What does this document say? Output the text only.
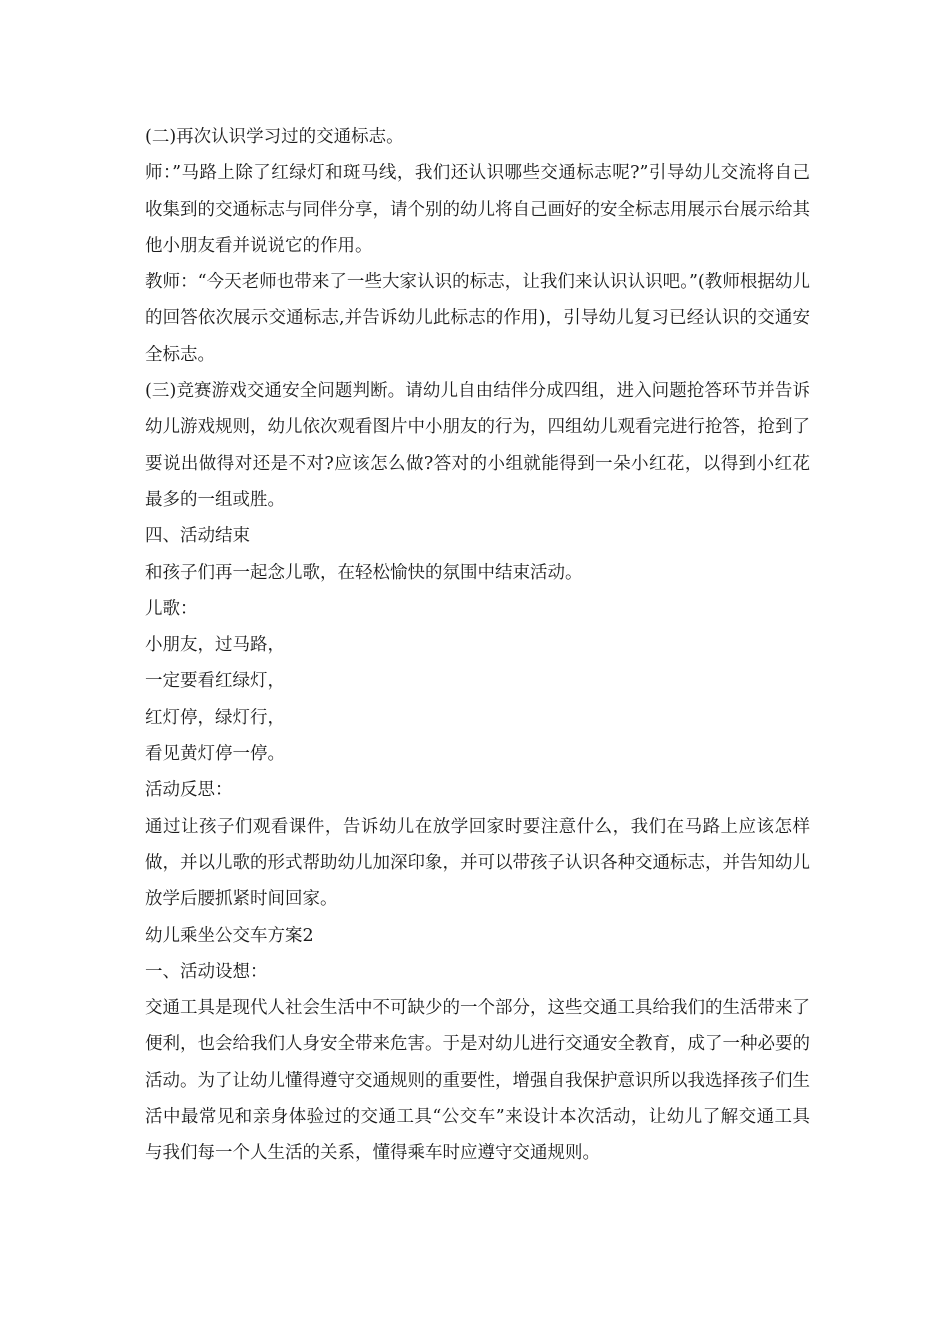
(二)再次认识学习过的交通标志。

师：”马路上除了红绿灯和斑马线，我们还认识哪些交通标志呢?”引导幼儿交流将自己收集到的交通标志与同伴分享，请个别的幼儿将自己画好的安全标志用展示台展示给其他小朋友看并说说它的作用。

教师：“今天老师也带来了一些大家认识的标志，让我们来认识认识吧。”(教师根据幼儿的回答依次展示交通标志,并告诉幼儿此标志的作用)，引导幼儿复习已经认识的交通安全标志。

(三)竞赛游戏交通安全问题判断。请幼儿自由结伴分成四组，进入问题抢答环节并告诉幼儿游戏规则，幼儿依次观看图片中小朋友的行为，四组幼儿观看完进行抢答，抢到了要说出做得对还是不对?应该怎么做?答对的小组就能得到一朵小红花，以得到小红花最多的一组或胜。

四、活动结束

和孩子们再一起念儿歌，在轻松愉快的氛围中结束活动。

儿歌：

小朋友，过马路，

一定要看红绿灯，

红灯停，绿灯行，

看见黄灯停一停。

活动反思：

通过让孩子们观看课件，告诉幼儿在放学回家时要注意什么，我们在马路上应该怎样做，并以儿歌的形式帮助幼儿加深印象，并可以带孩子认识各种交通标志，并告知幼儿放学后腰抓紧时间回家。

幼儿乘坐公交车方案2

一、活动设想：

交通工具是现代人社会生活中不可缺少的一个部分，这些交通工具给我们的生活带来了便利，也会给我们人身安全带来危害。于是对幼儿进行交通安全教育，成了一种必要的活动。为了让幼儿懂得遵守交通规则的重要性，增强自我保护意识所以我选择孩子们生活中最常见和亲身体验过的交通工具“公交车”来设计本次活动，让幼儿了解交通工具与我们每一个人生活的关系，懂得乘车时应遵守交通规则。
